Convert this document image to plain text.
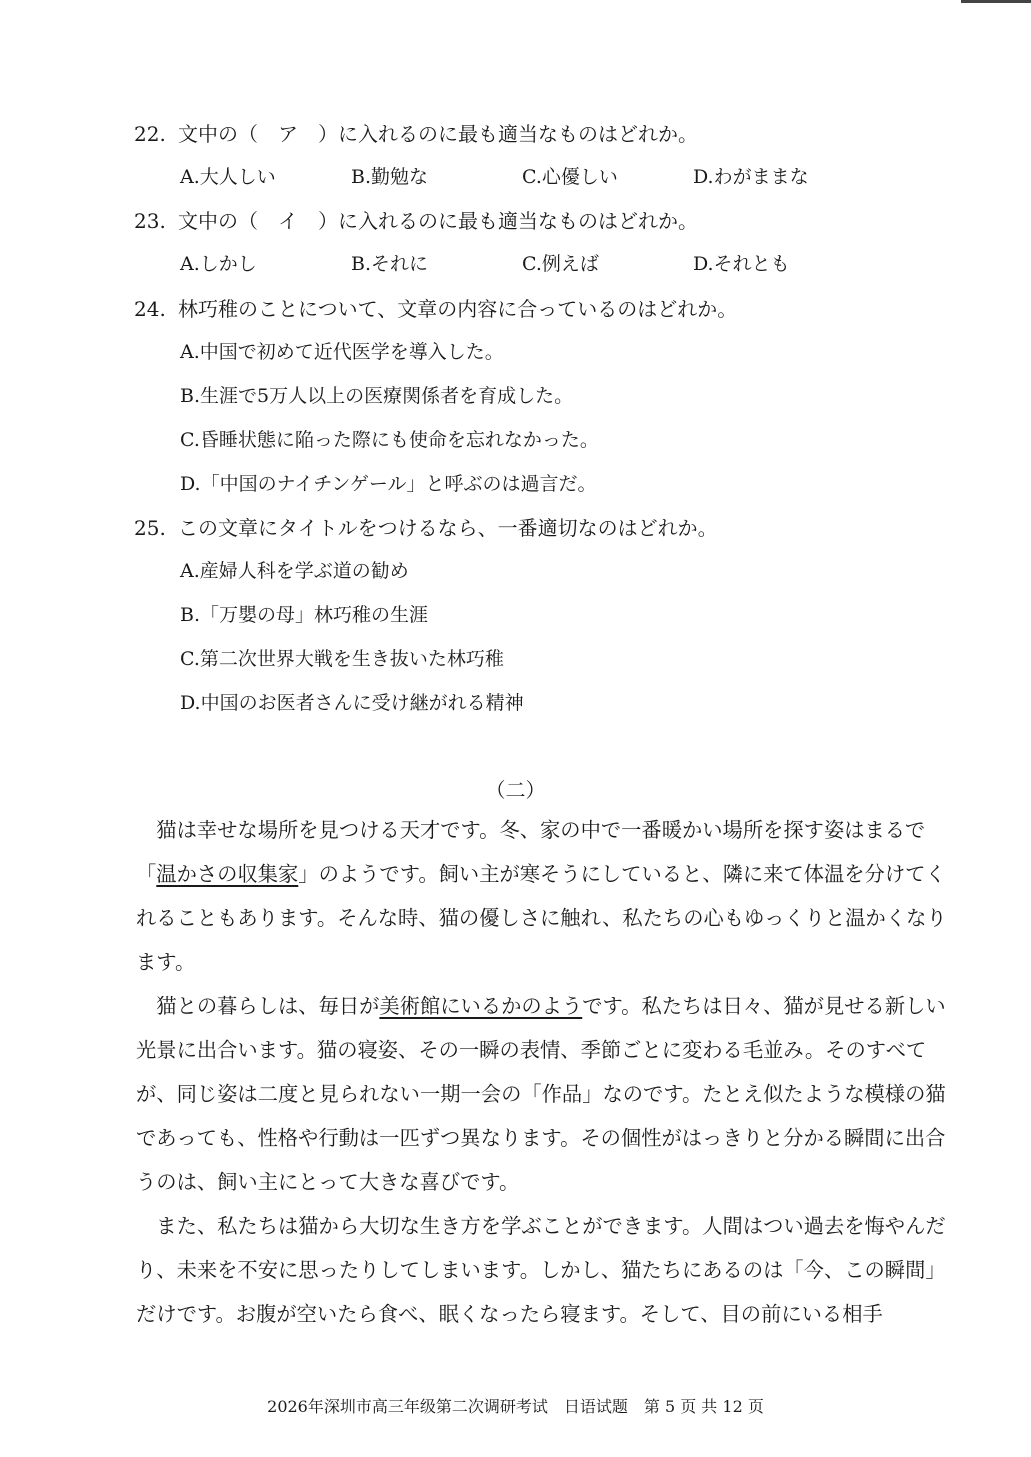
22. 文中の（　ア　）に入れるのに最も適当なものはどれか。
A.大人しい	B.勤勉な	C.心優しい	D.わがままな
23. 文中の（　イ　）に入れるのに最も適当なものはどれか。
A.しかし	B.それに	C.例えば	D.それとも
24. 林巧稚のことについて、文章の内容に合っているのはどれか。
A.中国で初めて近代医学を導入した。
B.生涯で5万人以上の医療関係者を育成した。
C.昏睡状態に陥った際にも使命を忘れなかった。
D.「中国のナイチンゲール」と呼ぶのは過言だ。
25. この文章にタイトルをつけるなら、一番適切なのはどれか。
A.産婦人科を学ぶ道の勧め
B.「万嬰の母」林巧稚の生涯
C.第二次世界大戦を生き抜いた林巧稚
D.中国のお医者さんに受け継がれる精神
（二）

猫は幸せな場所を見つける天才です。冬、家の中で一番暖かい場所を探す姿はまるで「温かさの収集家」のようです。飼い主が寒そうにしていると、隣に来て体温を分けてくれることもあります。そんな時、猫の優しさに触れ、私たちの心もゆっくりと温かくなります。

猫との暮らしは、毎日が美術館にいるかのようです。私たちは日々、猫が見せる新しい光景に出合います。猫の寝姿、その一瞬の表情、季節ごとに変わる毛並み。そのすべてが、同じ姿は二度と見られない一期一会の「作品」なのです。たとえ似たような模様の猫であっても、性格や行動は一匹ずつ異なります。その個性がはっきりと分かる瞬間に出合うのは、飼い主にとって大きな喜びです。

また、私たちは猫から大切な生き方を学ぶことができます。人間はつい過去を悔やんだり、未来を不安に思ったりしてしまいます。しかし、猫たちにあるのは「今、この瞬間」だけです。お腹が空いたら食べ、眠くなったら寝ます。そして、目の前にいる相手

2026年深圳市高三年级第二次调研考试　日语试题　第 5 页 共 12 页
